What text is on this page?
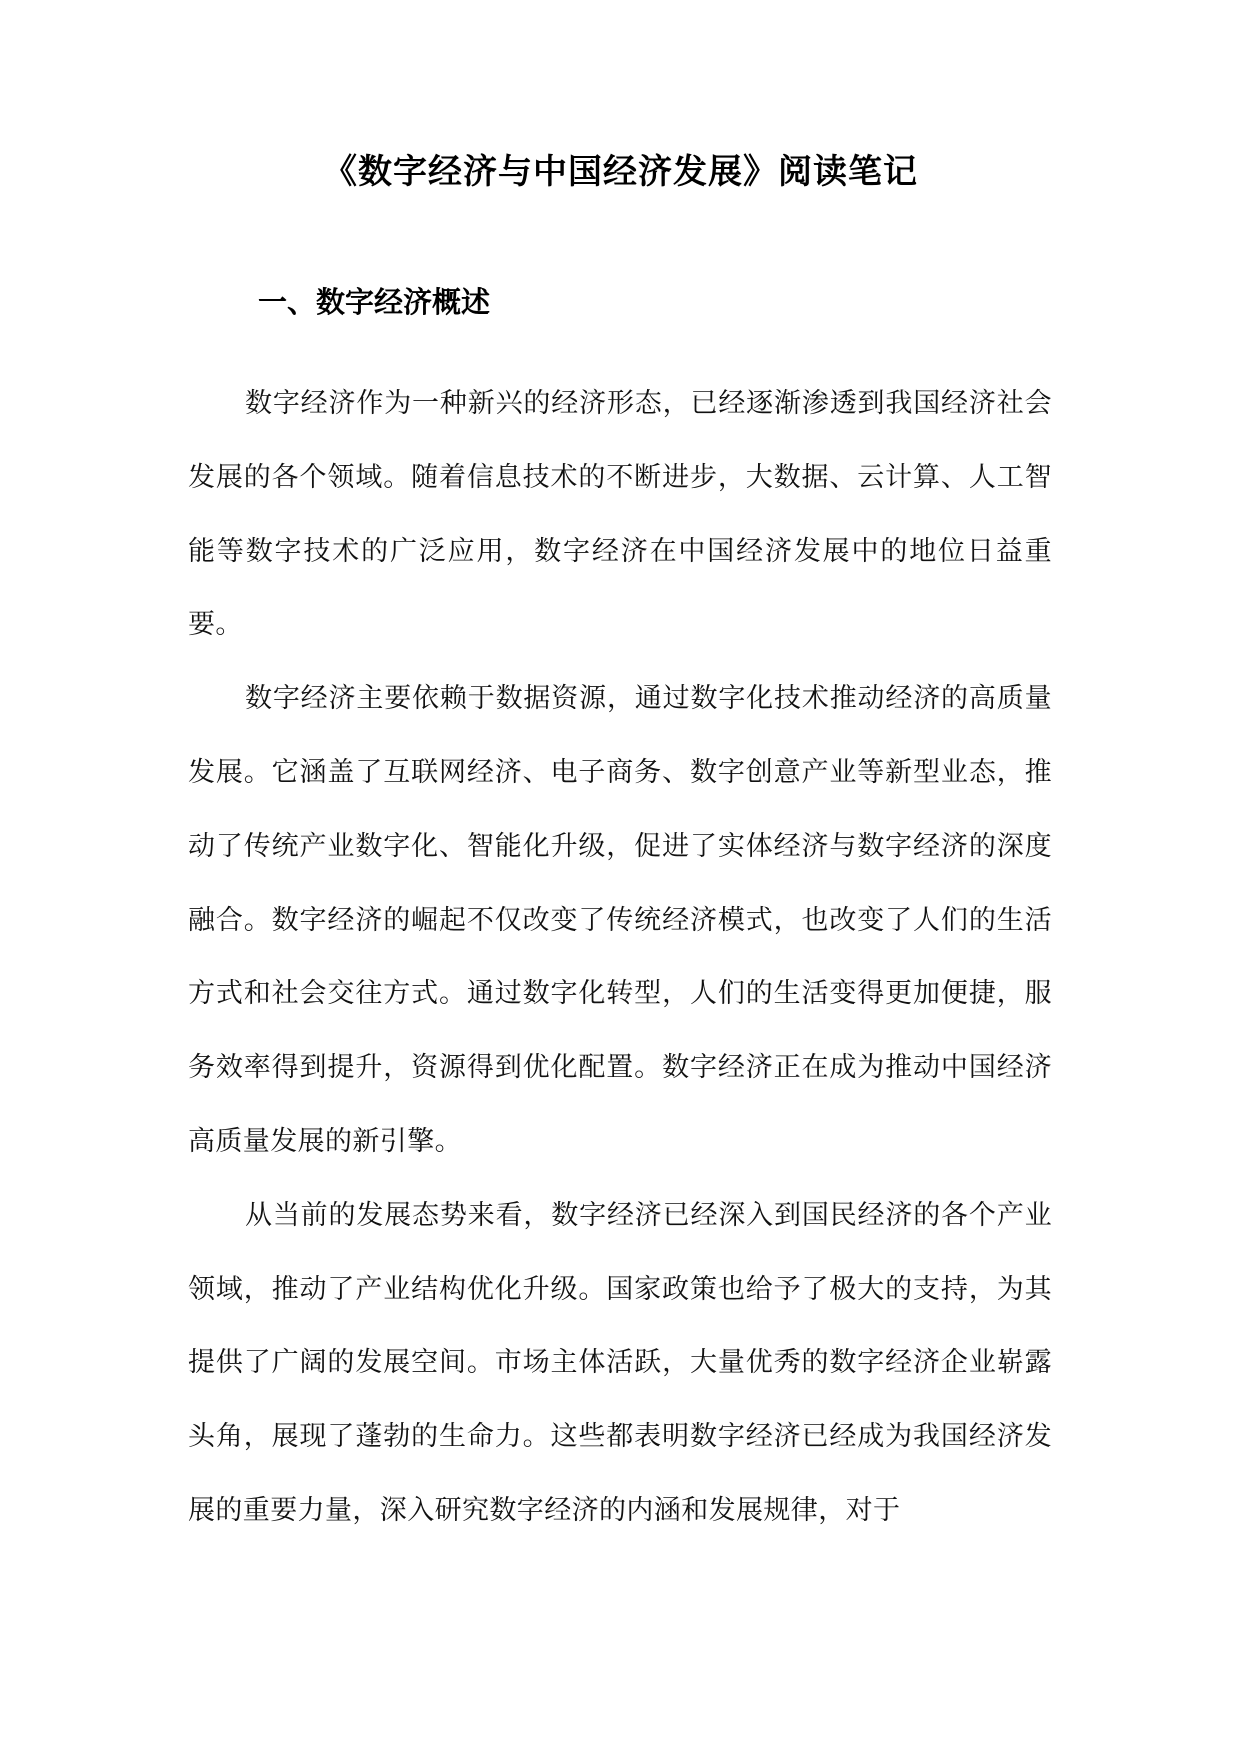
《数字经济与中国经济发展》阅读笔记
一、数字经济概述

数字经济作为一种新兴的经济形态，已经逐渐渗透到我国经济社会发展的各个领域。随着信息技术的不断进步，大数据、云计算、人工智能等数字技术的广泛应用，数字经济在中国经济发展中的地位日益重要。

数字经济主要依赖于数据资源，通过数字化技术推动经济的高质量发展。它涵盖了互联网经济、电子商务、数字创意产业等新型业态，推动了传统产业数字化、智能化升级，促进了实体经济与数字经济的深度融合。数字经济的崛起不仅改变了传统经济模式，也改变了人们的生活方式和社会交往方式。通过数字化转型，人们的生活变得更加便捷，服务效率得到提升，资源得到优化配置。数字经济正在成为推动中国经济高质量发展的新引擎。

从当前的发展态势来看，数字经济已经深入到国民经济的各个产业领域，推动了产业结构优化升级。国家政策也给予了极大的支持，为其提供了广阔的发展空间。市场主体活跃，大量优秀的数字经济企业崭露头角，展现了蓬勃的生命力。这些都表明数字经济已经成为我国经济发展的重要力量，深入研究数字经济的内涵和发展规律，对于
